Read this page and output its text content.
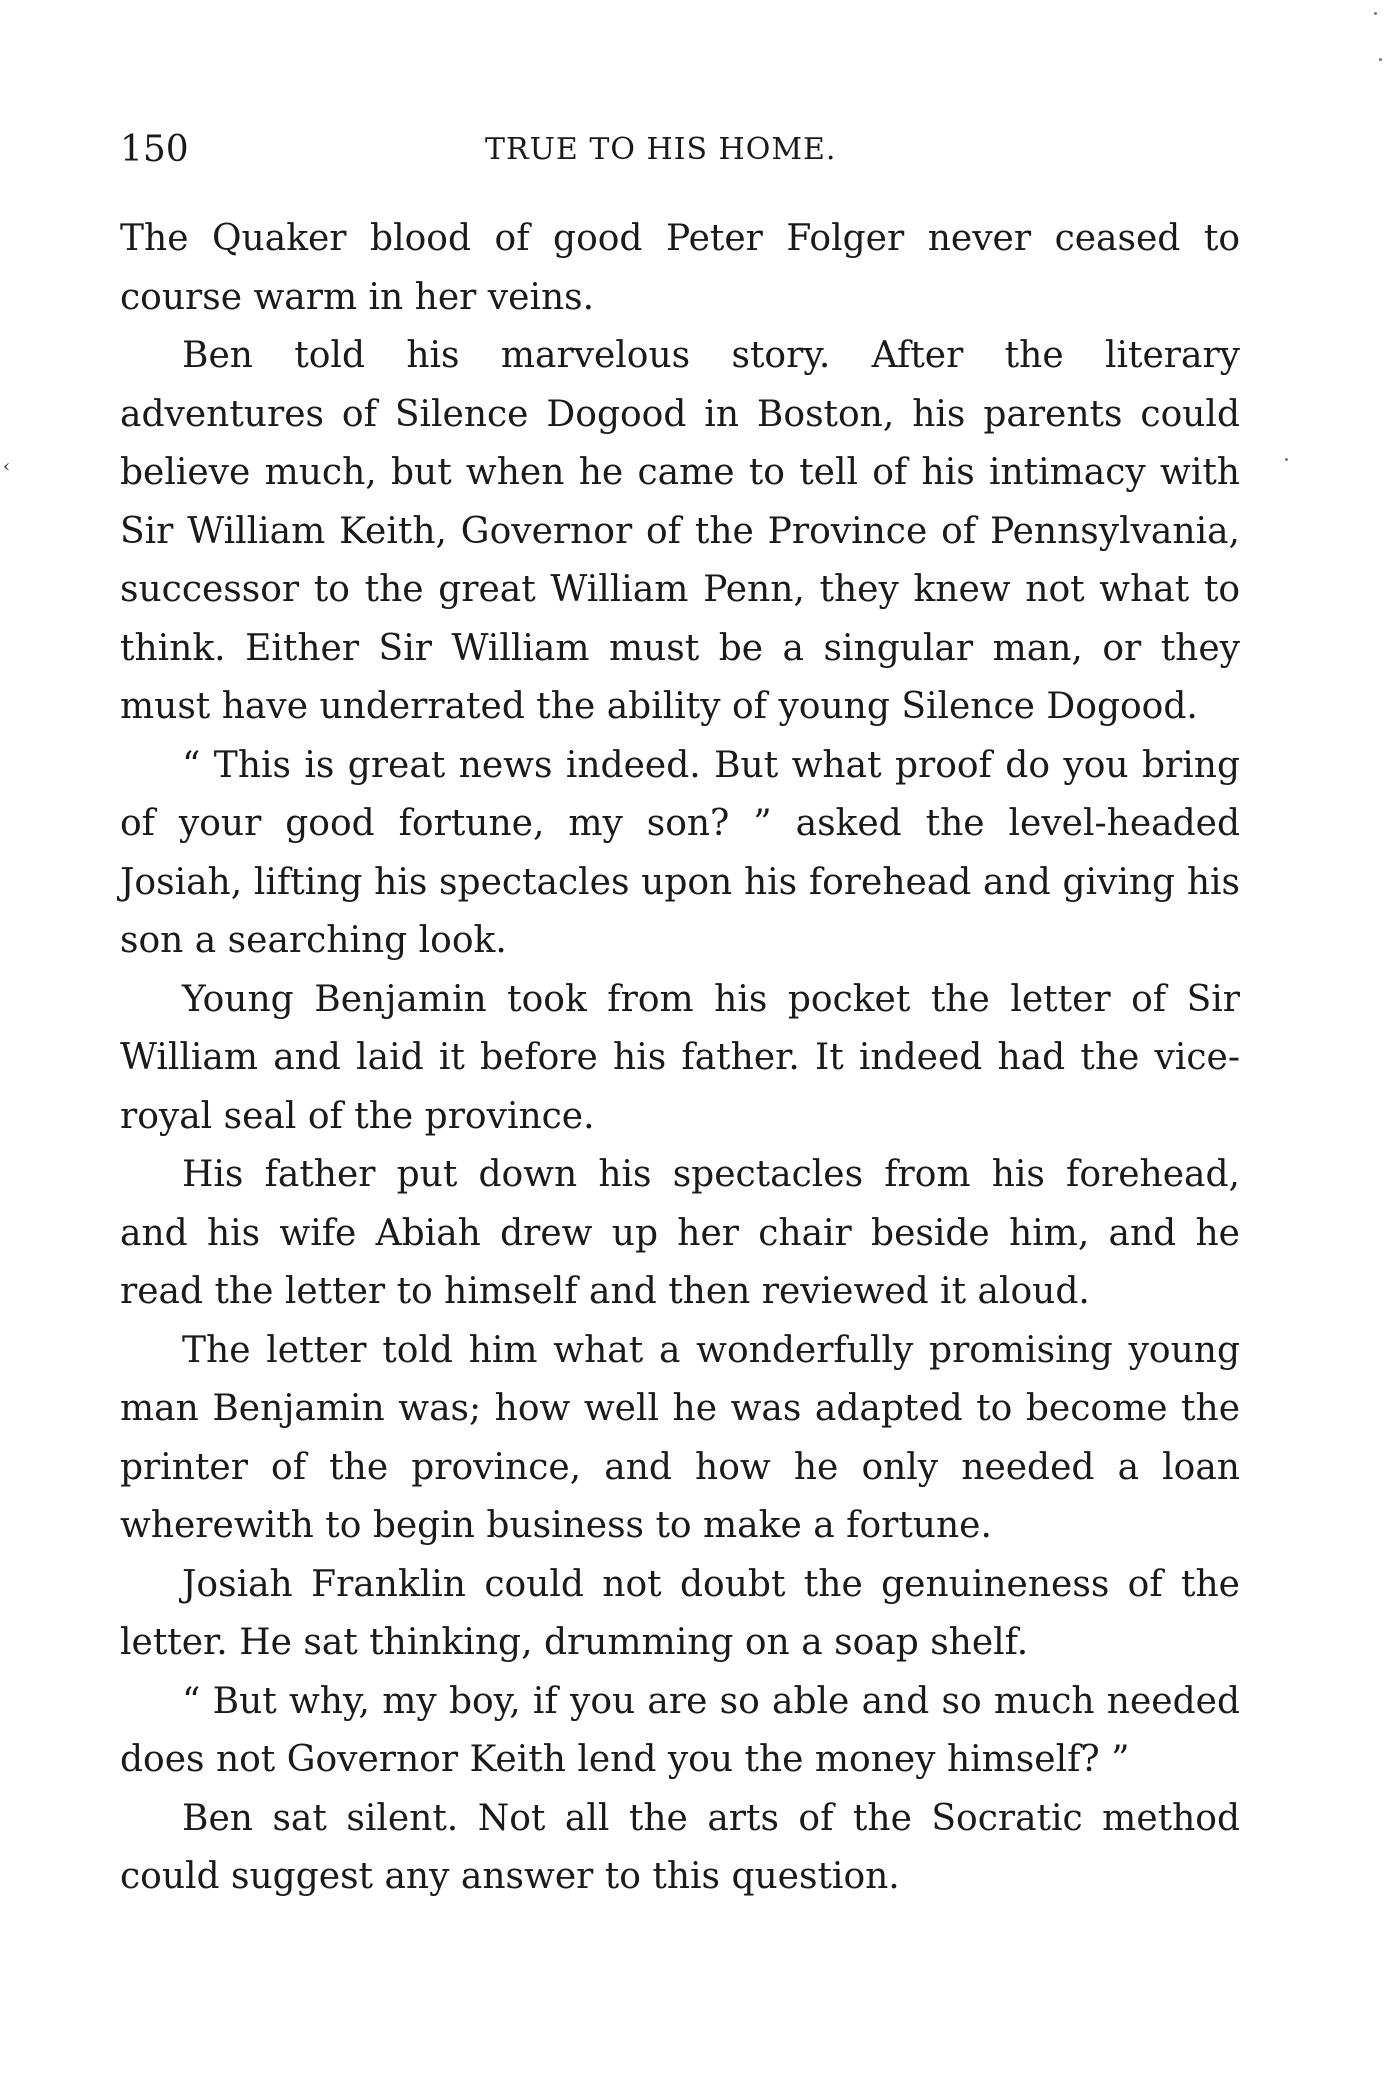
150	TRUE TO HIS HOME.
‹

The Quaker blood of good Peter Folger never ceased to course warm in her veins.

Ben told his marvelous story. After the literary adventures of Silence Dogood in Boston, his parents could believe much, but when he came to tell of his intimacy with Sir William Keith, Governor of the Province of Pennsylvania, successor to the great William Penn, they knew not what to think. Either Sir William must be a singular man, or they must have underrated the ability of young Silence Dogood.

“ This is great news indeed. But what proof do you bring of your good fortune, my son? ” asked the level-headed Josiah, lifting his spectacles upon his forehead and giving his son a searching look.

Young Benjamin took from his pocket the letter of Sir William and laid it before his father. It indeed had the vice-royal seal of the province.

His father put down his spectacles from his forehead, and his wife Abiah drew up her chair beside him, and he read the letter to himself and then reviewed it aloud.

The letter told him what a wonderfully promising young man Benjamin was; how well he was adapted to become the printer of the province, and how he only needed a loan wherewith to begin business to make a fortune.

Josiah Franklin could not doubt the genuineness of the letter. He sat thinking, drumming on a soap shelf.

“ But why, my boy, if you are so able and so much needed does not Governor Keith lend you the money himself? ”

Ben sat silent. Not all the arts of the Socratic method could suggest any answer to this question.
